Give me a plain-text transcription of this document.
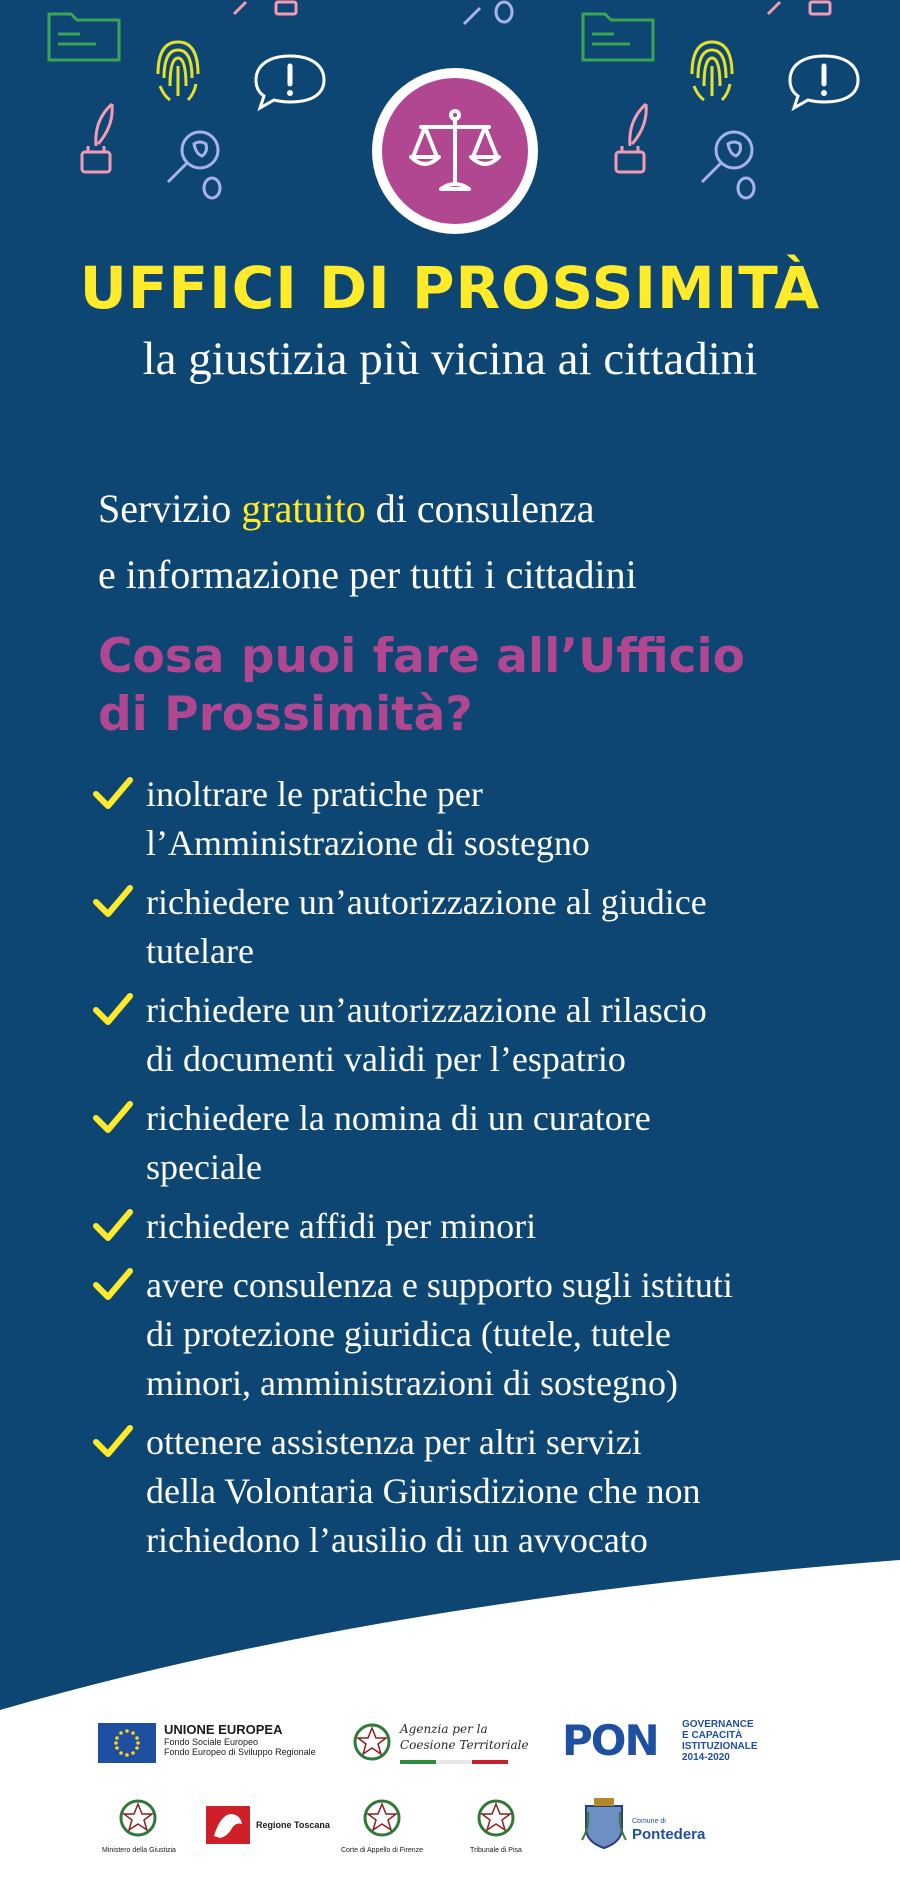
UFFICI DI PROSSIMITÀ
la giustizia più vicina ai cittadini
Servizio gratuito di consulenza
e informazione per tutti i cittadini
Cosa puoi fare all’Ufficio
di Prossimità?
inoltrare le pratiche per
l’Amministrazione di sostegno
richiedere un’autorizzazione al giudice
tutelare
richiedere un’autorizzazione al rilascio
di documenti validi per l’espatrio
richiedere la nomina di un curatore
speciale
richiedere affidi per minori
avere consulenza e supporto sugli istituti
di protezione giuridica (tutele, tutele
minori, amministrazioni di sostegno)
ottenere assistenza per altri servizi
della Volontaria Giurisdizione che non
richiedono l’ausilio di un avvocato
UNIONE EUROPEA
Fondo Sociale Europeo
Fondo Europeo di Sviluppo Regionale
Agenzia per la
Coesione Territoriale PON GOVERNANCE
E CAPACITÀ
ISTITUZIONALE
2014-2020
Ministero della Giustizia
Regione Toscana
Corte di Appello di Firenze	Tribunale di Pisa
Comune di
Pontedera
